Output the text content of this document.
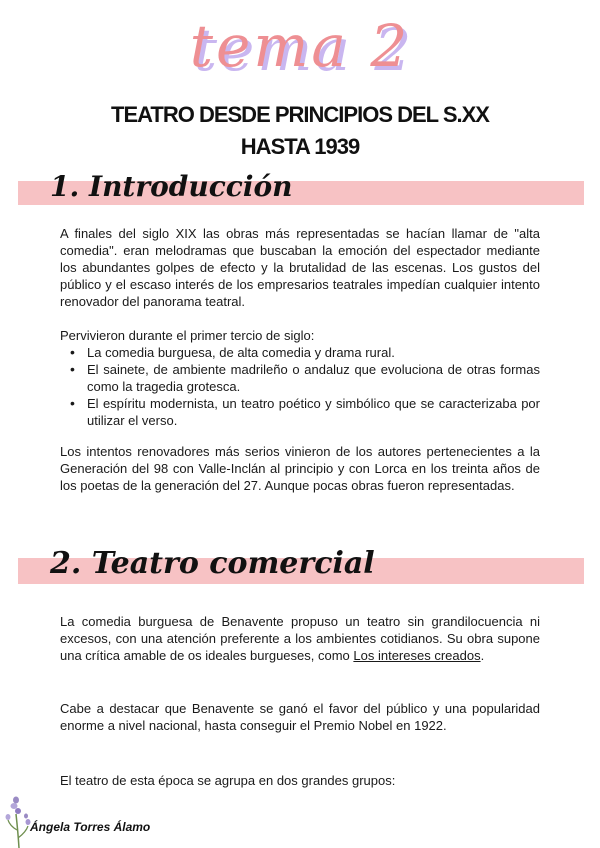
tema 2
TEATRO DESDE PRINCIPIOS DEL S.XX
HASTA 1939
1. Introducción
A finales del siglo XIX las obras más representadas se hacían llamar de "alta comedia". eran melodramas que buscaban la emoción del espectador mediante los abundantes golpes de efecto y la brutalidad de las escenas. Los gustos del público y el escaso interés de los empresarios teatrales impedían cualquier intento renovador del panorama teatral.
Pervivieron durante el primer tercio de siglo:
• La comedia burguesa, de alta comedia y drama rural.
• El sainete, de ambiente madrileño o andaluz que evoluciona de otras formas como la tragedia grotesca.
• El espíritu modernista, un teatro poético y simbólico que se caracterizaba por utilizar el verso.
Los intentos renovadores más serios vinieron de los autores pertenecientes a la Generación del 98 con Valle-Inclán al principio y con Lorca en los treinta años de los poetas de la generación del 27. Aunque pocas obras fueron representadas.
2. Teatro comercial
La comedia burguesa de Benavente propuso un teatro sin grandilocuencia ni excesos, con una atención preferente a los ambientes cotidianos. Su obra supone una crítica amable de os ideales burgueses, como Los intereses creados.
Cabe a destacar que Benavente se ganó el favor del público y una popularidad enorme a nivel nacional, hasta conseguir el Premio Nobel en 1922.
El teatro de esta época se agrupa en dos grandes grupos:
Ángela Torres Álamo
